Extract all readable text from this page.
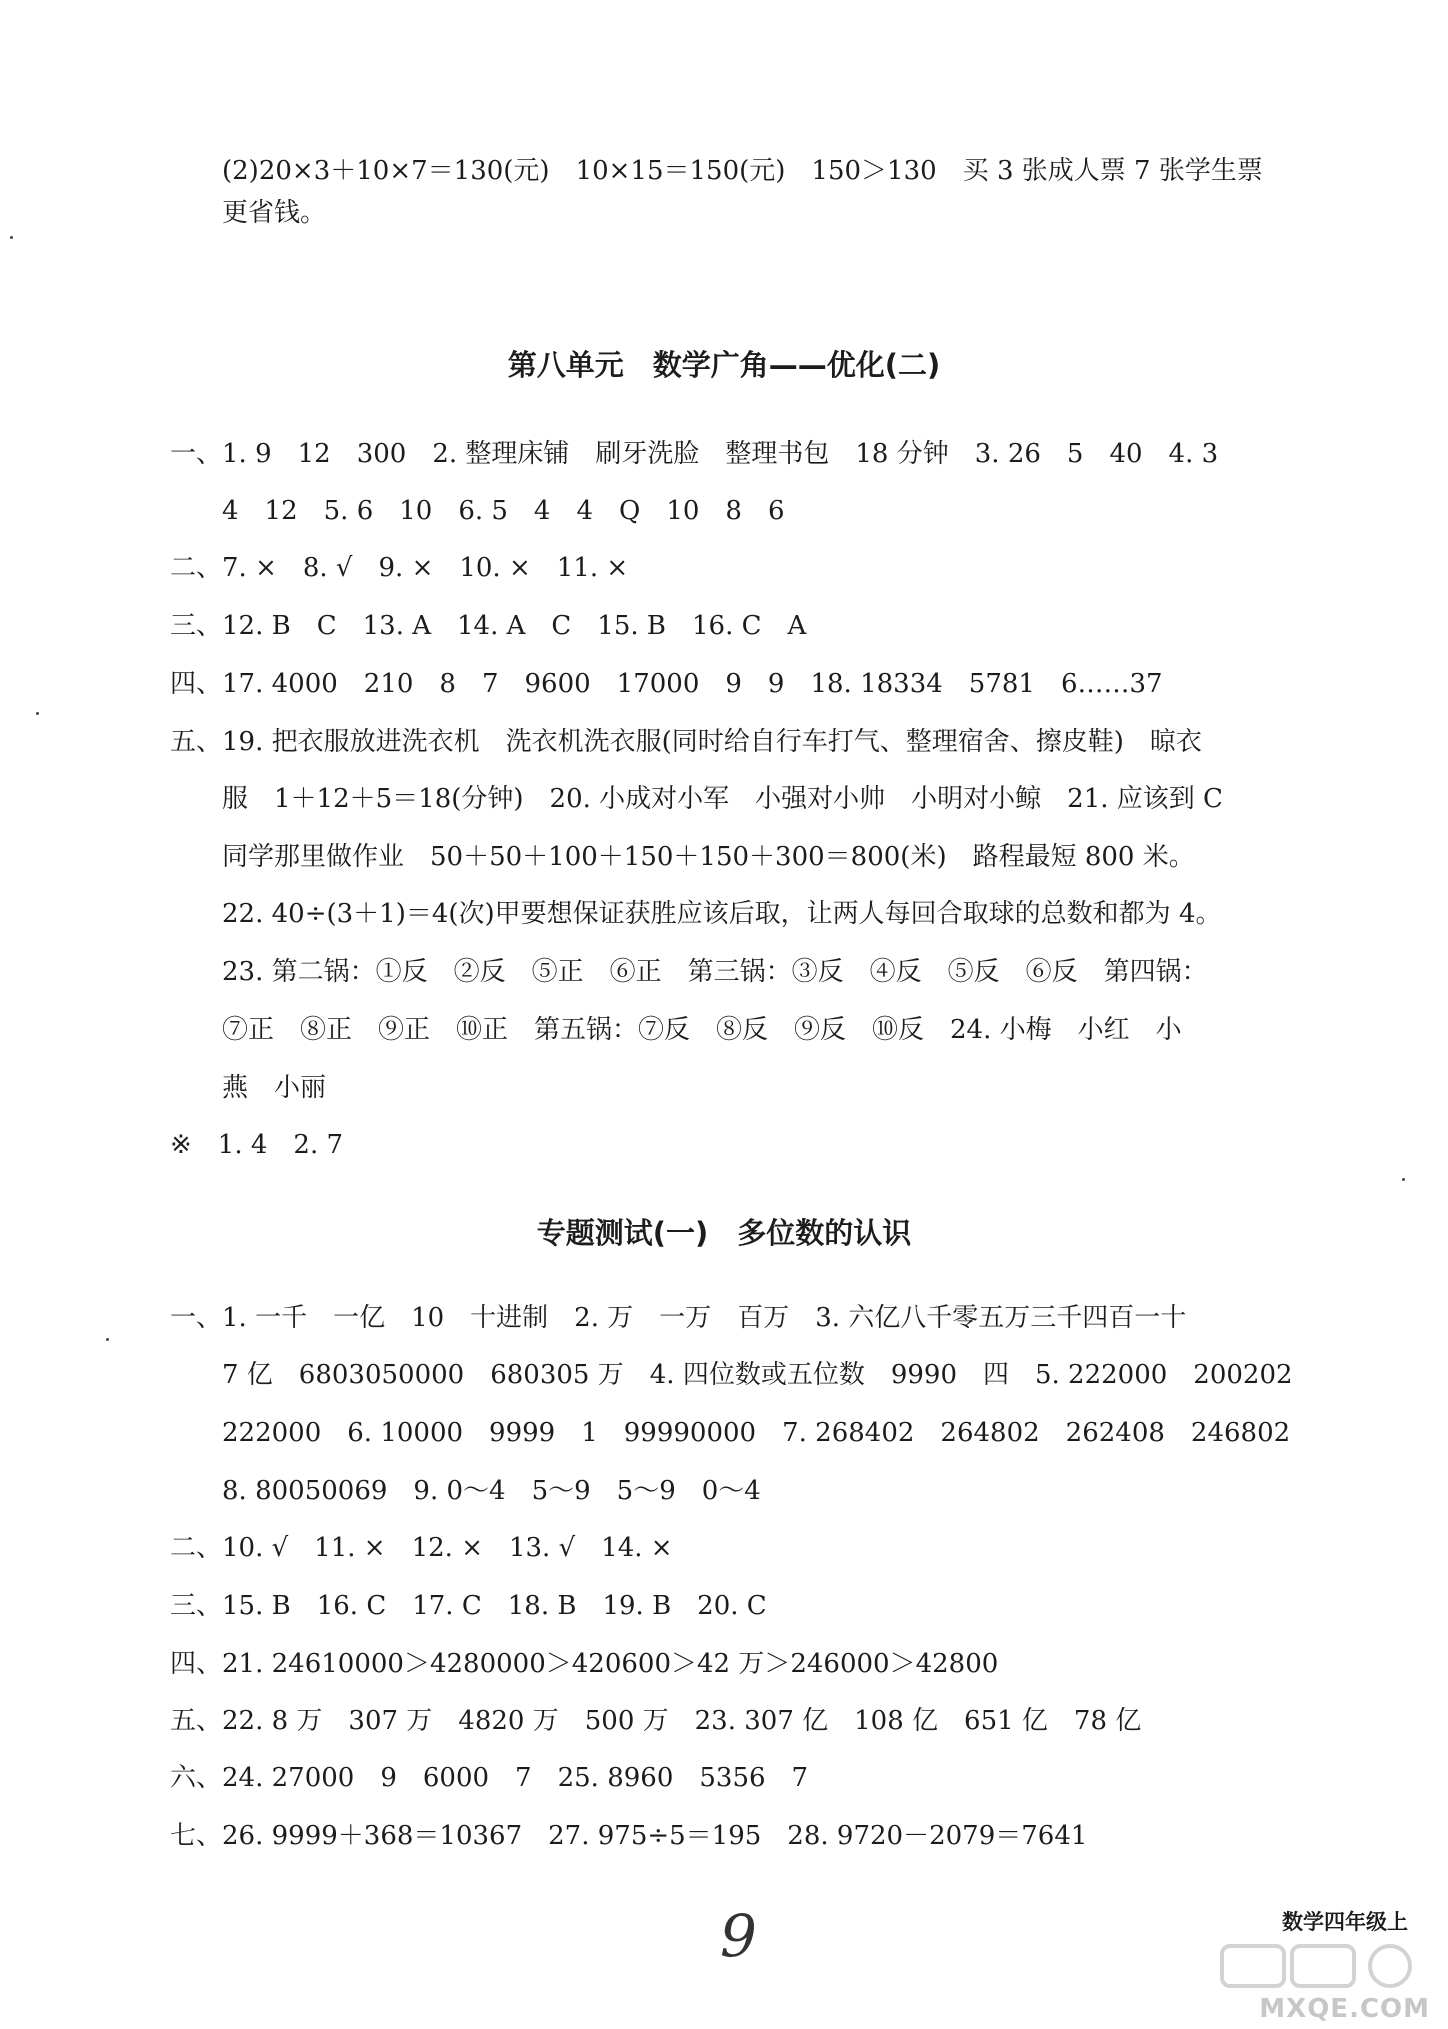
(2)20×3＋10×7＝130(元)　10×15＝150(元)　150＞130　买 3 张成人票 7 张学生票
更省钱。
第八单元　数学广角——优化(二)
一、1. 9　12　300　2. 整理床铺　刷牙洗脸　整理书包　18 分钟　3. 26　5　40　4. 3
4　12　5. 6　10　6. 5　4　4　Q　10　8　6
二、7. ×　8. √　9. ×　10. ×　11. ×
三、12. B　C　13. A　14. A　C　15. B　16. C　A
四、17. 4000　210　8　7　9600　17000　9　9　18. 18334　5781　6……37
五、19. 把衣服放进洗衣机　洗衣机洗衣服(同时给自行车打气、整理宿舍、擦皮鞋)　晾衣
服　1＋12＋5＝18(分钟)　20. 小成对小军　小强对小帅　小明对小鲸　21. 应该到 C
同学那里做作业　50＋50＋100＋150＋150＋300＝800(米)　路程最短 800 米。
22. 40÷(3＋1)＝4(次)甲要想保证获胜应该后取，让两人每回合取球的总数和都为 4。
23. 第二锅：①反　②反　⑤正　⑥正　第三锅：③反　④反　⑤反　⑥反　第四锅：
⑦正　⑧正　⑨正　⑩正　第五锅：⑦反　⑧反　⑨反　⑩反　24. 小梅　小红　小
燕　小丽
※　1. 4　2. 7
专题测试(一)　多位数的认识
一、1. 一千　一亿　10　十进制　2. 万　一万　百万　3. 六亿八千零五万三千四百一十
7 亿　6803050000　680305 万　4. 四位数或五位数　9990　四　5. 222000　200202
222000　6. 10000　9999　1　99990000　7. 268402　264802　262408　246802
8. 80050069　9. 0～4　5～9　5～9　0～4
二、10. √　11. ×　12. ×　13. √　14. ×
三、15. B　16. C　17. C　18. B　19. B　20. C
四、21. 24610000＞4280000＞420600＞42 万＞246000＞42800
五、22. 8 万　307 万　4820 万　500 万　23. 307 亿　108 亿　651 亿　78 亿
六、24. 27000　9　6000　7　25. 8960　5356　7
七、26. 9999＋368＝10367　27. 975÷5＝195　28. 9720－2079＝7641
9	数学四年级上
MXQE.COM
